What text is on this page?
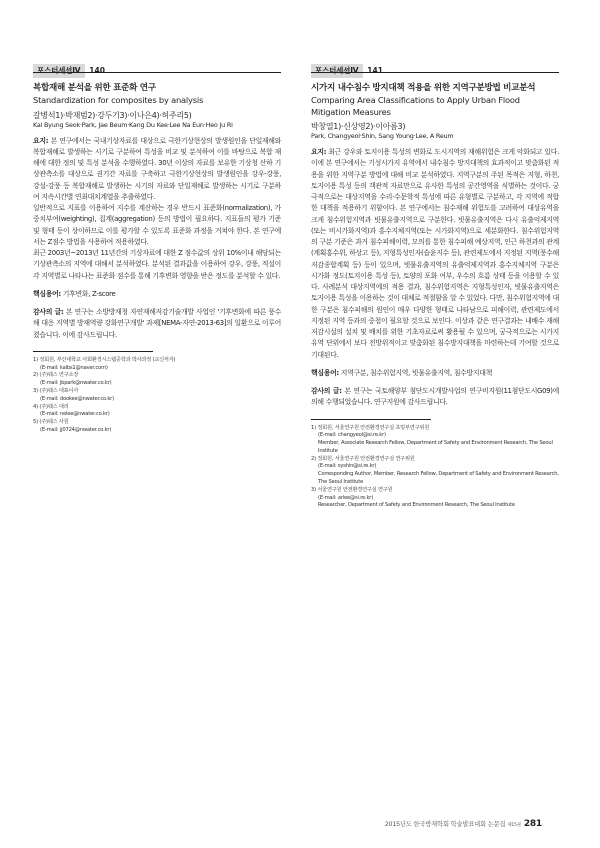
포스터세션Ⅳ 140
복합재해 분석을 위한 표준화 연구
Standardization for composites by analysis
갈병석1)·박재범2)·강두기3)·이나은4)·허주리5)
Kal Byung Seok·Park, Jae Beum·Kang Du Kee·Lee Na Eun·Heo Ju Ri

요지: 본 연구에서는 국내기상자료를 대상으로 극한기상현상의 발생원인을 단일재해와 복합재해로 발생하는 시기로 구분하여 특성을 비교 및 분석하여 이를 바탕으로 복합 재해에 대한 정의 및 특성 분석을 수행하였다. 30년 이상의 자료를 보유한 기상청 산하 기상관측소를 대상으로 권기간 자료를 구축하고 극한기상현상의 발생원인을 강우-강풍, 강설-강풍 등 복합재해로 발생하는 시기의 자료와 단일재해로 발생하는 시기로 구분하여 지속시간별 연최대치계열을 추출하였다.

일반적으로 지표를 이용하여 지수를 계산하는 경우 반드시 표준화(normalization), 가중치부여(weighting), 집계(aggregation) 등의 방법이 필요하다. 지표들의 평가 기준 및 형태 등이 상이하므로 이를 평가할 수 있도록 표준화 과정을 거쳐야 한다. 본 연구에서는 Z점수 방법을 사용하여 적용하였다.

최근 2003년~2013년 11년간의 기상자료에 대한 Z 점수값의 상위 10%이내 해당되는 기상관측소의 지역에 대해서 분석하였다. 분석된 결과값을 이용하여 강우, 강풍, 적설이 각 지역별로 나타나는 표준화 점수를 통해 기후변화 영향을 받은 정도를 분석할 수 있다.

핵심용어: 기후변화, Z-score

감사의 글: 본 연구는 소방방재청 자연재해저감기술개발 사업인 '기후변화에 따른 풍수해 대응 지역별 방재역량 강화연구개발' 과제[NEMA-자연-2013-63]의 일환으로 이루어졌습니다. 이에 감사드립니다.

1) 정회원, 부산대학교 사회환경시스템공학과 박사과정 (교신저자)
(E-mail: kalbs1@naver.com)
2) (주)웨스 연구소장
(E-mail: jbpark@nwater.co.kr)
3) (주)웨스 대표이사
(E-mail: dookee@nwater.co.kr)
4) (주)웨스 대리
(E-mail: nelee@nwater.co.kr)
5) (주)웨스 사원
(E-mail: jj0724@nwater.co.kr)
포스터세션Ⅳ 141
시가지 내수침수 방지대책 적용을 위한 지역구분방법 비교분석
Comparing Area Classifications to Apply Urban Flood Mitigation Measures
박창열1)·신상영2)·이아름3)
Park, Changyeol·Shin, Sang Young·Lee, A Reum

요지: 최근 강우와 토지이용 특성의 변화로 도시지역의 재해위험은 크게 악화되고 있다. 이에 본 연구에서는 기성시가지 유역에서 내수침수 방지대책의 효과적이고 맞춤화된 적용을 위한 지역구분 방법에 대해 비교 분석하였다. 지역구분의 주된 목적은 지형, 하천, 토지이용 특성 등의 객관적 자료만으로 유사한 특성의 공간영역을 식별하는 것이다. 궁극적으로는 대상지역을 수리·수문학적 특성에 따른 유형별로 구분하고, 각 지역에 적합한 대책을 적용하기 위함이다. 본 연구에서는 침수재해 위험도를 고려하여 대상유역을 크게 침수위험지역과 빗물유출지역으로 구분한다. 빗물유출지역은 다시 유출억제지역(또는 비시가화지역)과 홍수지체지역(또는 시가화지역)으로 세분화한다. 침수위험지역의 구분 기준은 과거 침수피해이력, 모의를 통한 침수피해 예상지역, 인근 하천과의 관계(계획홍수위, 하상고 등), 지형특성인자(습윤지수 등), 관련제도에서 지정된 지역(풍수해저감종합계획 등) 등이 있으며, 빗물유출지역의 유출억제지역과 홍수지체지역 구분은 시가화 정도(토지이용 특성 등), 토양의 포화 여부, 우수의 흐름 상태 등을 이용할 수 있다. 사례분석 대상지역에의 적용 결과, 침수위험지역은 지형특성인자, 빗물유출지역은 토지이용 특성을 이용하는 것이 대체로 적절함을 알 수 있었다. 다만, 침수위험지역에 대한 구분은 침수피해의 원인이 매우 다양한 형태로 나타남으로 피해이력, 관련제도에서 지정된 지역 등과의 중첩이 필요할 것으로 보인다. 이상과 같은 연구결과는 내배수 재해저감시설의 설치 및 배치를 위한 기초자료로써 활용될 수 있으며, 궁극적으로는 시가지유역 단위에서 보다 전방위적이고 맞춤화된 침수방지대책을 마련하는데 기여할 것으로 기대된다.

핵심용어: 지역구분, 침수위험지역, 빗물유출지역, 침수방지대책

감사의 글: 본 연구는 국토해양부 첨단도시개발사업의 연구비지원(11첨단도시G09)에 의해 수행되었습니다. 연구지원에 감사드립니다.

1) 정회원, 서울연구원 안전환경연구실 초빙부연구위원
(E-mail: changyeol@si.re.kr)
Member, Associate Research Fellow, Department of Safety and Environment Research, The Seoul Institute
2) 정회원, 서울연구원 안전환경연구실 연구위원
(E-mail: syshin@si.re.kr)
Corresponding Author, Member, Research Fellow, Department of Safety and Environment Research, The Seoul Institute
3) 서울연구원 안전환경연구실 연구원
(E-mail: arlee@si.re.kr)
Researcher, Department of Safety and Environment Research, The Seoul Institute
2015년도 한국방재학회 학술발표대회 논문집 제15권 281
